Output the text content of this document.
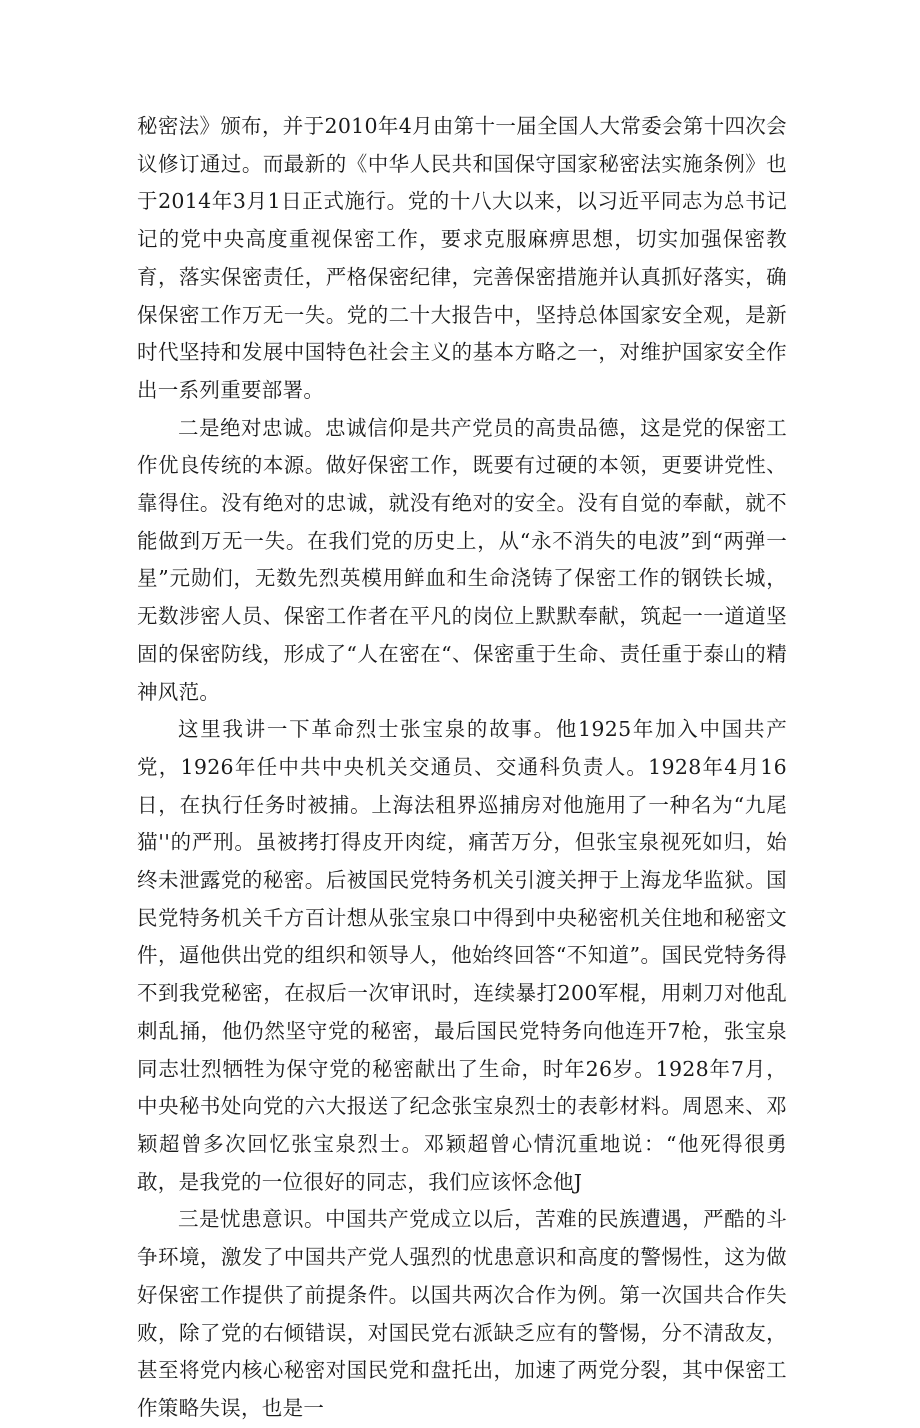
秘密法》颁布，并于2010年4月由第十一届全国人大常委会第十四次会议修订通过。而最新的《中华人民共和国保守国家秘密法实施条例》也于2014年3月1日正式施行。党的十八大以来，以习近平同志为总书记记的党中央高度重视保密工作，要求克服麻痹思想，切实加强保密教育，落实保密责任，严格保密纪律，完善保密措施并认真抓好落实，确保保密工作万无一失。党的二十大报告中，坚持总体国家安全观，是新时代坚持和发展中国特色社会主义的基本方略之一，对维护国家安全作出一系列重要部署。

二是绝对忠诚。忠诚信仰是共产党员的高贵品德，这是党的保密工作优良传统的本源。做好保密工作，既要有过硬的本领，更要讲党性、靠得住。没有绝对的忠诚，就没有绝对的安全。没有自觉的奉献，就不能做到万无一失。在我们党的历史上，从“永不消失的电波”到“两弹一星”元勋们，无数先烈英模用鲜血和生命浇铸了保密工作的钢铁长城，无数涉密人员、保密工作者在平凡的岗位上默默奉献，筑起一一道道坚固的保密防线，形成了“人在密在“、保密重于生命、责任重于泰山的精神风范。

这里我讲一下革命烈士张宝泉的故事。他1925年加入中国共产党，1926年任中共中央机关交通员、交通科负责人。1928年4月16日，在执行任务时被捕。上海法租界巡捕房对他施用了一种名为“九尾猫''的严刑。虽被拷打得皮开肉绽，痛苦万分，但张宝泉视死如归，始终未泄露党的秘密。后被国民党特务机关引渡关押于上海龙华监狱。国民党特务机关千方百计想从张宝泉口中得到中央秘密机关住地和秘密文件，逼他供出党的组织和领导人，他始终回答“不知道”。国民党特务得不到我党秘密，在叔后一次审讯时，连续暴打200军棍，用刺刀对他乱刺乱捅，他仍然坚守党的秘密，最后国民党特务向他连开7枪，张宝泉同志壮烈牺牲为保守党的秘密献出了生命，时年26岁。1928年7月，中央秘书处向党的六大报送了纪念张宝泉烈士的表彰材料。周恩来、邓颖超曾多次回忆张宝泉烈士。邓颖超曾心情沉重地说：“他死得很勇敢，是我党的一位很好的同志，我们应该怀念他J

三是忧患意识。中国共产党成立以后，苦难的民族遭遇，严酷的斗争环境，激发了中国共产党人强烈的忧患意识和高度的警惕性，这为做好保密工作提供了前提条件。以国共两次合作为例。第一次国共合作失败，除了党的右倾错误，对国民党右派缺乏应有的警惕，分不清敌友，甚至将党内核心秘密对国民党和盘托出，加速了两党分裂，其中保密工作策略失误，也是一
